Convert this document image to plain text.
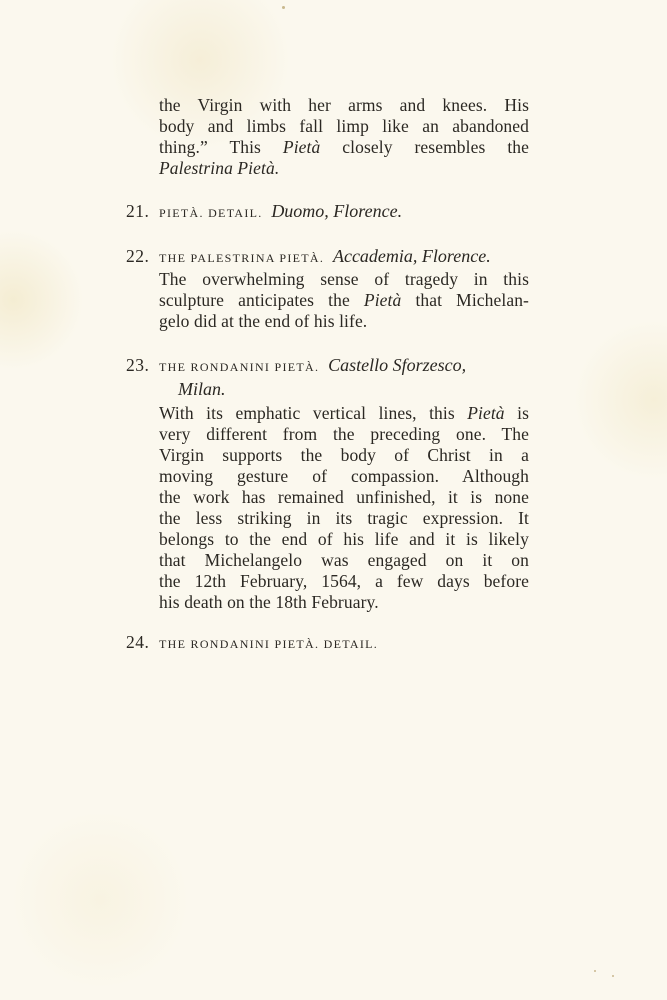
the Virgin with her arms and knees. His
body and limbs fall limp like an abandoned
thing.” This Pietà closely resembles the
Palestrina Pietà.
21. PIETÀ. DETAIL. Duomo, Florence.
22. THE PALESTRINA PIETÀ. Accademia, Florence.
The overwhelming sense of tragedy in this
sculpture anticipates the Pietà that Michelan-
gelo did at the end of his life.
23. THE RONDANINI PIETÀ. Castello Sforzesco,
Milan.
With its emphatic vertical lines, this Pietà is
very different from the preceding one. The
Virgin supports the body of Christ in a
moving gesture of compassion. Although
the work has remained unfinished, it is none
the less striking in its tragic expression. It
belongs to the end of his life and it is likely
that Michelangelo was engaged on it on
the 12th February, 1564, a few days before
his death on the 18th February.
24. THE RONDANINI PIETÀ. DETAIL.
